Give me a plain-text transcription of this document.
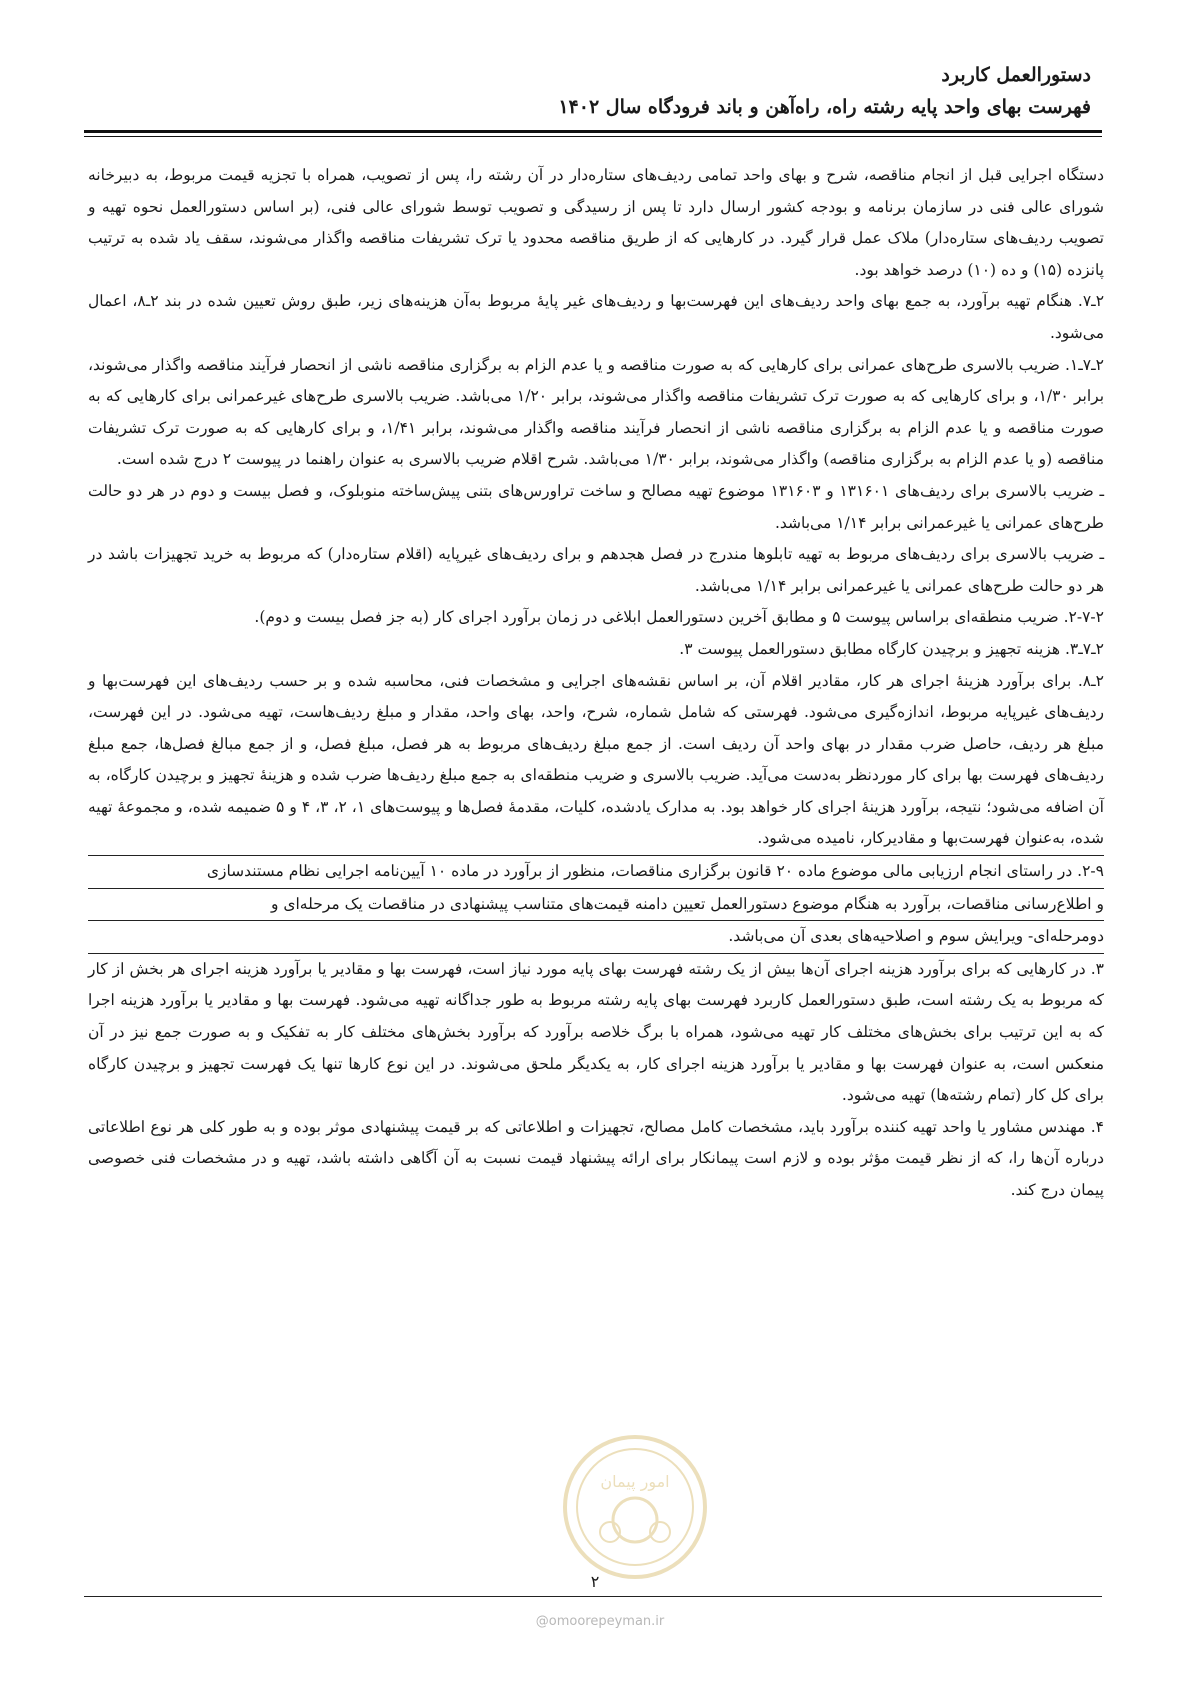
دستورالعمل کاربرد
فهرست بهای واحد پایه رشته راه، راه‌آهن و باند فرودگاه سال ۱۴۰۲

دستگاه اجرایی قبل از انجام مناقصه، شرح و بهای واحد تمامی ردیف‌های ستاره‌دار در آن رشته را، پس از تصویب، همراه با تجزیه قیمت مربوط، به دبیرخانه شورای عالی فنی در سازمان برنامه و بودجه کشور ارسال دارد تا پس از رسیدگی و تصویب توسط شورای عالی فنی، (بر اساس دستورالعمل نحوه تهیه و تصویب ردیف‌های ستاره‌دار) ملاک عمل قرار گیرد. در کارهایی که از طریق مناقصه محدود یا ترک تشریفات مناقصه واگذار می‌شوند، سقف یاد شده به ترتیب پانزده (۱۵) و ده (۱۰) درصد خواهد بود.

۲ـ۷. هنگام تهیه برآورد، به جمع بهای واحد ردیف‌های این فهرست‌بها و ردیف‌های غیر پایهٔ مربوط به‌آن هزینه‌های زیر، طبق روش تعیین شده در بند ۲ـ۸، اعمال می‌شود.

۲ـ۷ـ۱. ضریب بالاسری طرح‌های عمرانی برای کارهایی که به صورت مناقصه و یا عدم الزام به برگزاری مناقصه ناشی از انحصار فرآیند مناقصه واگذار می‌شوند، برابر ۱/۳۰، و برای کارهایی که به صورت ترک تشریفات مناقصه واگذار می‌شوند، برابر ۱/۲۰ می‌باشد. ضریب بالاسری طرح‌های غیرعمرانی برای کارهایی که به صورت مناقصه و یا عدم الزام به برگزاری مناقصه ناشی از انحصار فرآیند مناقصه واگذار می‌شوند، برابر ۱/۴۱، و برای کارهایی که به صورت ترک تشریفات مناقصه (و یا عدم الزام به برگزاری مناقصه) واگذار می‌شوند، برابر ۱/۳۰ می‌باشد. شرح اقلام ضریب بالاسری به عنوان راهنما در پیوست ۲ درج شده است.

ـ ضریب بالاسری برای ردیف‌های ۱۳۱۶۰۱ و ۱۳۱۶۰۳ موضوع تهیه مصالح و ساخت تراورس‌های بتنی پیش‌ساخته منوبلوک، و فصل بیست و دوم در هر دو حالت طرح‌های عمرانی یا غیرعمرانی برابر ۱/۱۴ می‌باشد.

ـ ضریب بالاسری برای ردیف‌های مربوط به تهیه تابلوها مندرج در فصل هجدهم و برای ردیف‌های غیرپایه (اقلام ستاره‌دار) که مربوط به خرید تجهیزات باشد در هر دو حالت طرح‌های عمرانی یا غیرعمرانی برابر ۱/۱۴ می‌باشد.

۲-۷-۲. ضریب منطقه‌ای براساس پیوست ۵ و مطابق آخرین دستورالعمل ابلاغی در زمان برآورد اجرای کار (به جز فصل بیست و دوم).

۲ـ۷ـ۳. هزینه تجهیز و برچیدن کارگاه مطابق دستورالعمل پیوست ۳.

۲ـ۸. برای برآورد هزینهٔ اجرای هر کار، مقادیر اقلام آن، بر اساس نقشه‌های اجرایی و مشخصات فنی، محاسبه شده و بر حسب ردیف‌های این فهرست‌بها و ردیف‌های غیرپایه مربوط، اندازه‌گیری می‌شود. فهرستی که شامل شماره، شرح، واحد، بهای واحد، مقدار و مبلغ ردیف‌هاست، تهیه می‌شود. در این فهرست، مبلغ هر ردیف، حاصل ضرب مقدار در بهای واحد آن ردیف است. از جمع مبلغ ردیف‌های مربوط به هر فصل، مبلغ فصل، و از جمع مبالغ فصل‌ها، جمع مبلغ ردیف‌های فهرست بها برای کار موردنظر به‌دست می‌آید. ضریب بالاسری و ضریب منطقه‌ای به جمع مبلغ ردیف‌ها ضرب شده و هزینهٔ تجهیز و برچیدن کارگاه، به آن اضافه می‌شود؛ نتیجه، برآورد هزینهٔ اجرای کار خواهد بود. به مدارک یادشده، کلیات، مقدمهٔ فصل‌ها و پیوست‌های ۱، ۲، ۳، ۴ و ۵ ضمیمه شده، و مجموعهٔ تهیه شده، به‌عنوان فهرست‌بها و مقادیرکار، نامیده می‌شود.

۲-۹. در راستای انجام ارزیابی مالی موضوع ماده ۲۰ قانون برگزاری مناقصات، منظور از برآورد در ماده ۱۰ آیین‌نامه اجرایی نظام مستندسازی
و اطلاع‌رسانی مناقصات، برآورد به هنگام موضوع دستورالعمل تعیین دامنه قیمت‌های متناسب پیشنهادی در مناقصات یک مرحله‌ای و
دومرحله‌ای- ویرایش سوم و اصلاحیه‌های بعدی آن می‌باشد.

۳. در کارهایی که برای برآورد هزینه اجرای آن‌ها بیش از یک رشته فهرست بهای پایه مورد نیاز است، فهرست بها و مقادیر یا برآورد هزینه اجرای هر بخش از کار که مربوط به یک رشته است، طبق دستورالعمل کاربرد فهرست بهای پایه رشته مربوط به طور جداگانه تهیه می‌شود. فهرست بها و مقادیر یا برآورد هزینه اجرا که به این ترتیب برای بخش‌های مختلف کار تهیه می‌شود، همراه با برگ خلاصه برآورد که برآورد بخش‌های مختلف کار به تفکیک و به صورت جمع نیز در آن منعکس است، به عنوان فهرست بها و مقادیر یا برآورد هزینه اجرای کار، به یکدیگر ملحق می‌شوند. در این نوع کارها تنها یک فهرست تجهیز و برچیدن کارگاه برای کل کار (تمام رشته‌ها) تهیه می‌شود.

۴. مهندس مشاور یا واحد تهیه کننده برآورد باید، مشخصات کامل مصالح، تجهیزات و اطلاعاتی که بر قیمت پیشنهادی موثر بوده و به طور کلی هر نوع اطلاعاتی درباره آن‌ها را، که از نظر قیمت مؤثر بوده و لازم است پیمانکار برای ارائه پیشنهاد قیمت نسبت به آن آگاهی داشته باشد، تهیه و در مشخصات فنی خصوصی پیمان درج کند.

امور پیمان
۲
@omoorepeyman.ir
